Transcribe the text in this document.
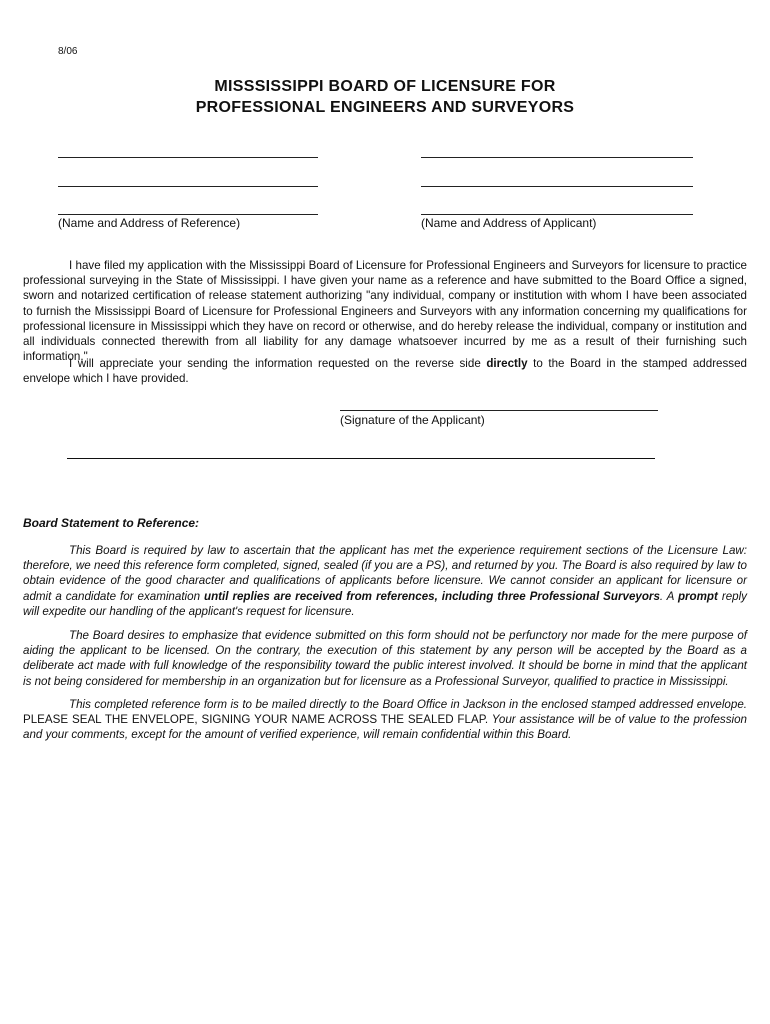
8/06
MISSSISSIPPI BOARD OF LICENSURE FOR
PROFESSIONAL ENGINEERS AND SURVEYORS
(Name and Address of Reference)	(Name and Address of Applicant)
I have filed my application with the Mississippi Board of Licensure for Professional Engineers and Surveyors for licensure to practice professional surveying in the State of Mississippi. I have given your name as a reference and have submitted to the Board Office a signed, sworn and notarized certification of release statement authorizing "any individual, company or institution with whom I have been associated to furnish the Mississippi Board of Licensure for Professional Engineers and Surveyors with any information concerning my qualifications for professional licensure in Mississippi which they have on record or otherwise, and do hereby release the individual, company or institution and all individuals connected therewith from all liability for any damage whatsoever incurred by me as a result of their furnishing such information."
I will appreciate your sending the information requested on the reverse side directly to the Board in the stamped addressed envelope which I have provided.
(Signature of the Applicant)
Board Statement to Reference:
This Board is required by law to ascertain that the applicant has met the experience requirement sections of the Licensure Law: therefore, we need this reference form completed, signed, sealed (if you are a PS), and returned by you. The Board is also required by law to obtain evidence of the good character and qualifications of applicants before licensure. We cannot consider an applicant for licensure or admit a candidate for examination until replies are received from references, including three Professional Surveyors. A prompt reply will expedite our handling of the applicant's request for licensure.
The Board desires to emphasize that evidence submitted on this form should not be perfunctory nor made for the mere purpose of aiding the applicant to be licensed. On the contrary, the execution of this statement by any person will be accepted by the Board as a deliberate act made with full knowledge of the responsibility toward the public interest involved. It should be borne in mind that the applicant is not being considered for membership in an organization but for licensure as a Professional Surveyor, qualified to practice in Mississippi.
This completed reference form is to be mailed directly to the Board Office in Jackson in the enclosed stamped addressed envelope. PLEASE SEAL THE ENVELOPE, SIGNING YOUR NAME ACROSS THE SEALED FLAP. Your assistance will be of value to the profession and your comments, except for the amount of verified experience, will remain confidential within this Board.
